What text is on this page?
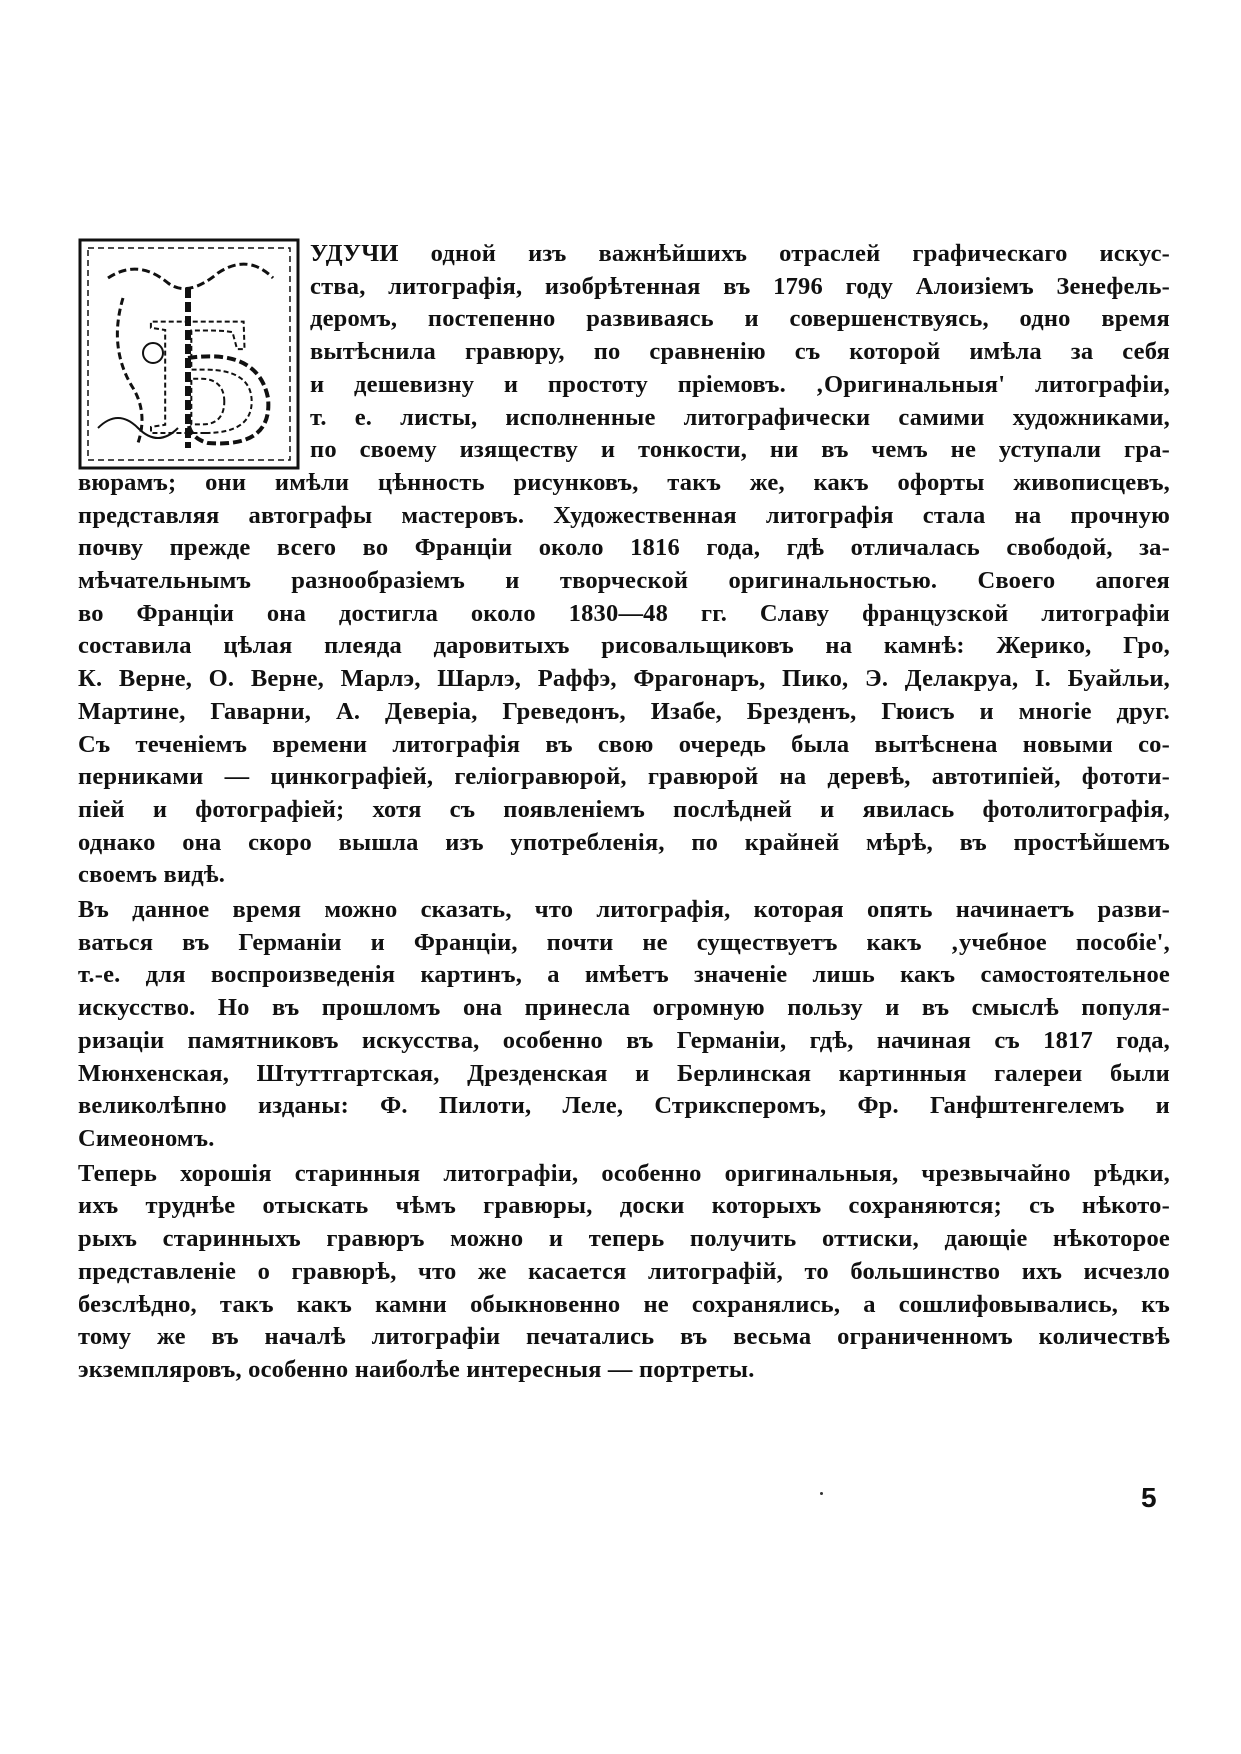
Б
УДУЧИ одной изъ важнѣйшихъ отраслей графическаго искус-
ства, литографія, изобрѣтенная въ 1796 году Алоизіемъ Зенефель-
деромъ, постепенно развиваясь и совершенствуясь, одно время
вытѣснила гравюру, по сравненію съ которой имѣла за себя
и дешевизну и простоту пріемовъ. ‚Оригинальныя' литографіи,
т. е. листы, исполненные литографически самими художниками,
по своему изяществу и тонкости, ни въ чемъ не уступали гра-
вюрамъ; они имѣли цѣнность рисунковъ, такъ же, какъ офорты живописцевъ,
представляя автографы мастеровъ. Художественная литографія стала на прочную
почву прежде всего во Франціи около 1816 года, гдѣ отличалась свободой, за-
мѣчательнымъ разнообразіемъ и творческой оригинальностью. Своего апогея
во Франціи она достигла около 1830—48 гг. Славу французской литографіи
составила цѣлая плеяда даровитыхъ рисовальщиковъ на камнѣ: Жерико, Гро,
К. Верне, О. Верне, Марлэ, Шарлэ, Раффэ, Фрагонаръ, Пико, Э. Делакруа, І. Буайльи,
Мартине, Гаварни, А. Деверіа, Греведонъ, Изабе, Брезденъ, Гюисъ и многіе друг.
Съ теченіемъ времени литографія въ свою очередь была вытѣснена новыми со-
перниками — цинкографіей, геліогравюрой, гравюрой на деревѣ, автотипіей, фототи-
піей и фотографіей; хотя съ появленіемъ послѣдней и явилась фотолитографія,
однако она скоро вышла изъ употребленія, по крайней мѣрѣ, въ простѣйшемъ
своемъ видѣ.
Въ данное время можно сказать, что литографія, которая опять начинаетъ разви-
ваться въ Германіи и Франціи, почти не существуетъ какъ ‚учебное пособіе',
т.-е. для воспроизведенія картинъ, а имѣетъ значеніе лишь какъ самостоятельное
искусство. Но въ прошломъ она принесла огромную пользу и въ смыслѣ популя-
ризаціи памятниковъ искусства, особенно въ Германіи, гдѣ, начиная съ 1817 года,
Мюнхенская, Штуттгартская, Дрезденская и Берлинская картинныя галереи были
великолѣпно изданы: Ф. Пилоти, Леле, Стриксперомъ, Фр. Ганфштенгелемъ и
Симеономъ.
Теперь хорошія старинныя литографіи, особенно оригинальныя, чрезвычайно рѣдки,
ихъ труднѣе отыскать чѣмъ гравюры, доски которыхъ сохраняются; съ нѣкото-
рыхъ старинныхъ гравюръ можно и теперь получить оттиски, дающіе нѣкоторое
представленіе о гравюрѣ, что же касается литографій, то большинство ихъ исчезло
безслѣдно, такъ какъ камни обыкновенно не сохранялись, а сошлифовывались, къ
тому же въ началѣ литографіи печатались въ весьма ограниченномъ количествѣ
экземпляровъ, особенно наиболѣе интересныя — портреты.
5
